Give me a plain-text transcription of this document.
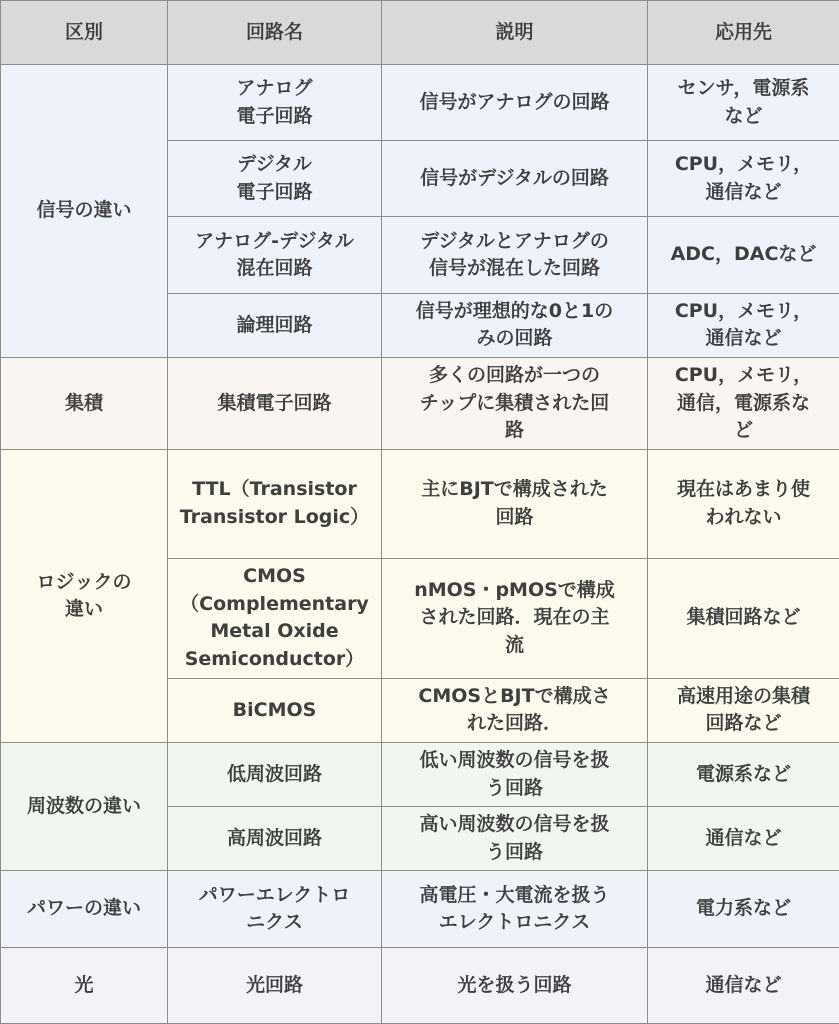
区別	回路名	説明	応用先

信号の違い	アナログ
電子回路	信号がアナログの回路	センサ，電源系
など

	デジタル
電子回路	信号がデジタルの回路	CPU，メモリ，
通信など

	アナログ-デジタル
混在回路	デジタルとアナログの
信号が混在した回路	ADC，DACなど

	論理回路	信号が理想的な0と1の
みの回路	CPU，メモリ，
通信など

集積	集積電子回路	多くの回路が一つの
チップに集積された回
路	CPU，メモリ，
通信，電源系な
ど

ロジックの
違い	TTL（Transistor
Transistor Logic）	主にBJTで構成された
回路	現在はあまり使
われない

	CMOS
（Complementary
Metal Oxide
Semiconductor）	nMOS・pMOSで構成
された回路．現在の主
流	集積回路など

	BiCMOS	CMOSとBJTで構成さ
れた回路．	高速用途の集積
回路など

周波数の違い	低周波回路	低い周波数の信号を扱
う回路	電源系など

	高周波回路	高い周波数の信号を扱
う回路	通信など

パワーの違い	パワーエレクトロ
ニクス	高電圧・大電流を扱う
エレクトロニクス	電力系など

光	光回路	光を扱う回路	通信など
